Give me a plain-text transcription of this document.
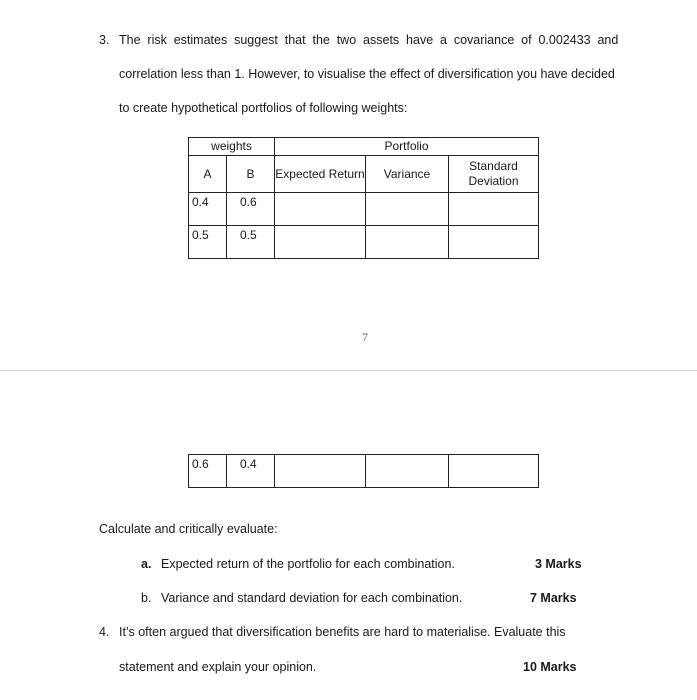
3. The risk estimates suggest that the two assets have a covariance of 0.002433 and
correlation less than 1. However, to visualise the effect of diversification you have decided
to create hypothetical portfolios of following weights:
weights		Portfolio		
A	B	Expected Return	Variance	Standard Deviation
0.4	0.6			
0.5	0.5			
7
0.6	0.4			
Calculate and critically evaluate:
a. Expected return of the portfolio for each combination.	3 Marks
b. Variance and standard deviation for each combination.	7 Marks
4. It’s often argued that diversification benefits are hard to materialise. Evaluate this
statement and explain your opinion.	10 Marks
